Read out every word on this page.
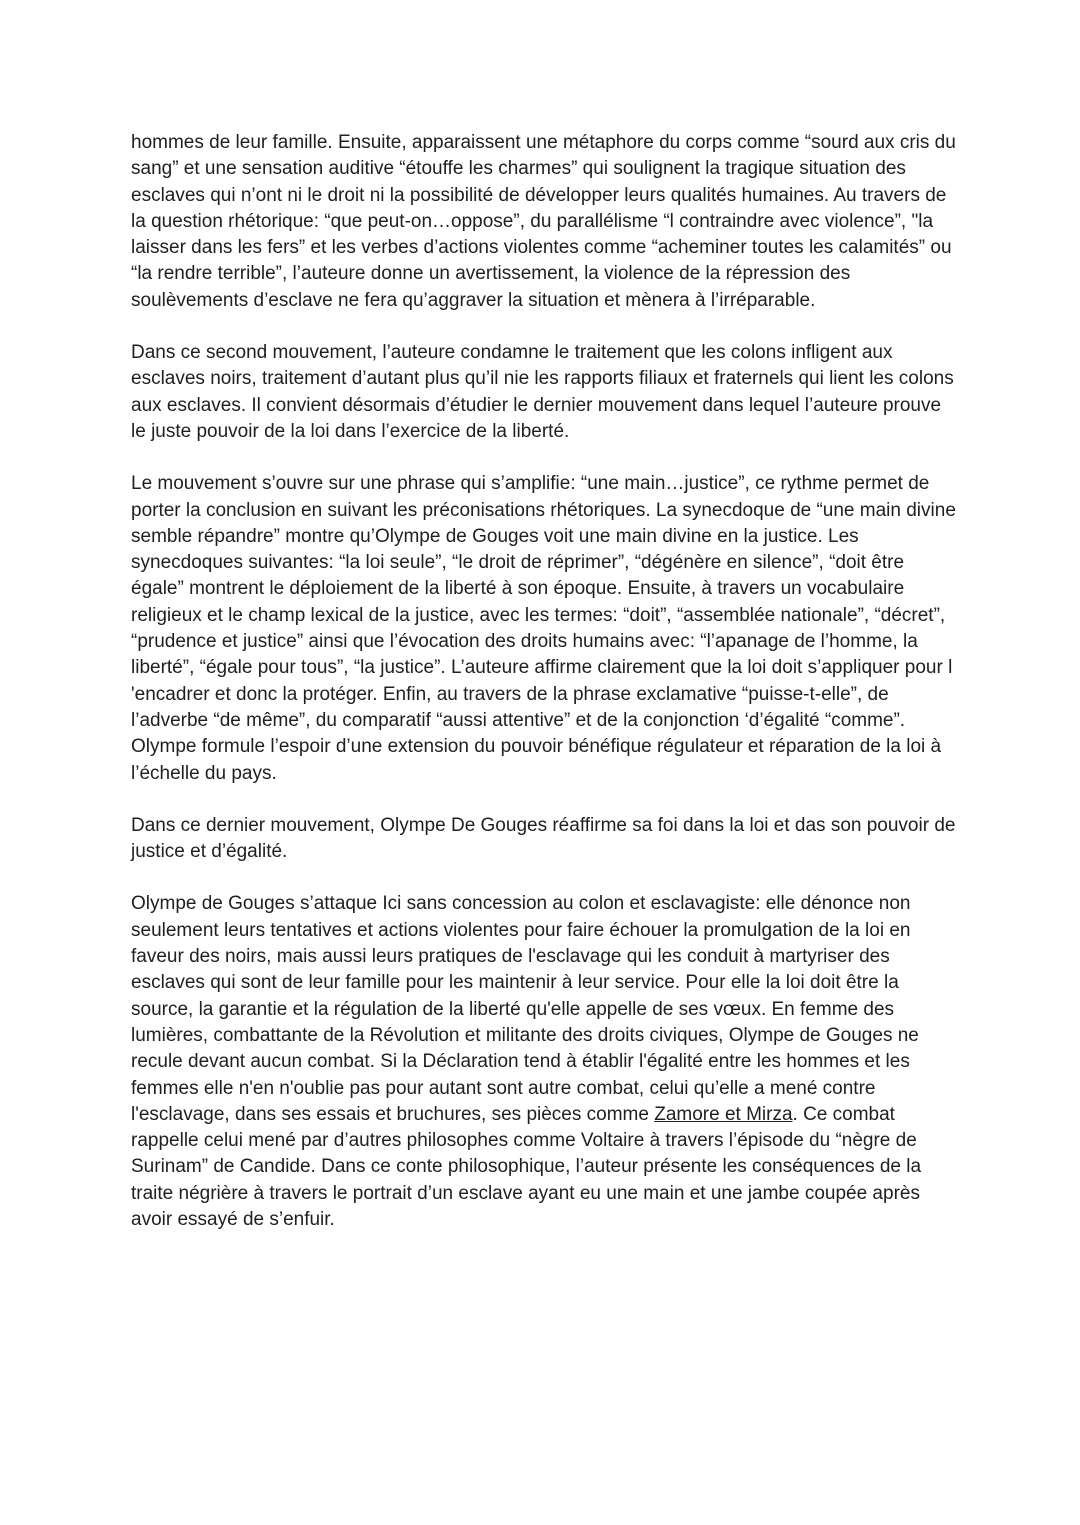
hommes de leur famille. Ensuite, apparaissent une métaphore du corps comme “sourd aux cris du sang” et une sensation auditive “étouffe les charmes” qui soulignent la tragique situation des esclaves qui n’ont ni le droit ni la possibilité de développer leurs qualités humaines. Au travers de la question rhétorique: “que peut-on…oppose”, du parallélisme “l contraindre avec violence”, "la laisser dans les fers” et les verbes d’actions violentes comme “acheminer toutes les calamités” ou “la rendre terrible”, l’auteure donne un avertissement, la violence de la répression des soulèvements d’esclave ne fera qu’aggraver la situation et mènera à l’irréparable.

Dans ce second mouvement, l’auteure condamne le traitement que les colons infligent aux esclaves noirs, traitement d’autant plus qu’il nie les rapports filiaux et fraternels qui lient les colons aux esclaves. Il convient désormais d’étudier le dernier mouvement dans lequel l’auteure prouve le juste pouvoir de la loi dans l’exercice de la liberté.

Le mouvement s’ouvre sur une phrase qui s’amplifie: “une main…justice”, ce rythme permet de porter la conclusion en suivant les préconisations rhétoriques. La synecdoque de “une main divine semble répandre” montre qu’Olympe de Gouges voit une main divine en la justice. Les synecdoques suivantes: “la loi seule”, “le droit de réprimer”, “dégénère en silence”, “doit être égale” montrent le déploiement de la liberté à son époque. Ensuite, à travers un vocabulaire religieux et le champ lexical de la justice, avec les termes: “doit”, “assemblée nationale”, “décret”, “prudence et justice” ainsi que l’évocation des droits humains avec: “l’apanage de l’homme, la liberté”, “égale pour tous”, “la justice”. L’auteure affirme clairement que la loi doit s’appliquer pour l 'encadrer et donc la protéger. Enfin, au travers de la phrase exclamative “puisse-t-elle”, de l’adverbe “de même”, du comparatif “aussi attentive” et de la conjonction ‘d’égalité “comme”. Olympe formule l’espoir d’une extension du pouvoir bénéfique régulateur et réparation de la loi à l’échelle du pays.

Dans ce dernier mouvement, Olympe De Gouges réaffirme sa foi dans la loi et das son pouvoir de justice et d’égalité.

Olympe de Gouges s’attaque Ici sans concession au colon et esclavagiste: elle dénonce non seulement leurs tentatives et actions violentes pour faire échouer la promulgation de la loi en faveur des noirs, mais aussi leurs pratiques de l'esclavage qui les conduit à martyriser des esclaves qui sont de leur famille pour les maintenir à leur service. Pour elle la loi doit être la source, la garantie et la régulation de la liberté qu'elle appelle de ses vœux. En femme des lumières, combattante de la Révolution et militante des droits civiques, Olympe de Gouges ne recule devant aucun combat. Si la Déclaration tend à établir l'égalité entre les hommes et les femmes elle n'en n'oublie pas pour autant sont autre combat, celui qu’elle a mené contre l'esclavage, dans ses essais et bruchures, ses pièces comme Zamore et Mirza. Ce combat rappelle celui mené par d’autres philosophes comme Voltaire à travers l’épisode du “nègre de Surinam” de Candide. Dans ce conte philosophique, l’auteur présente les conséquences de la traite négrière à travers le portrait d’un esclave ayant eu une main et une jambe coupée après avoir essayé de s’enfuir.
